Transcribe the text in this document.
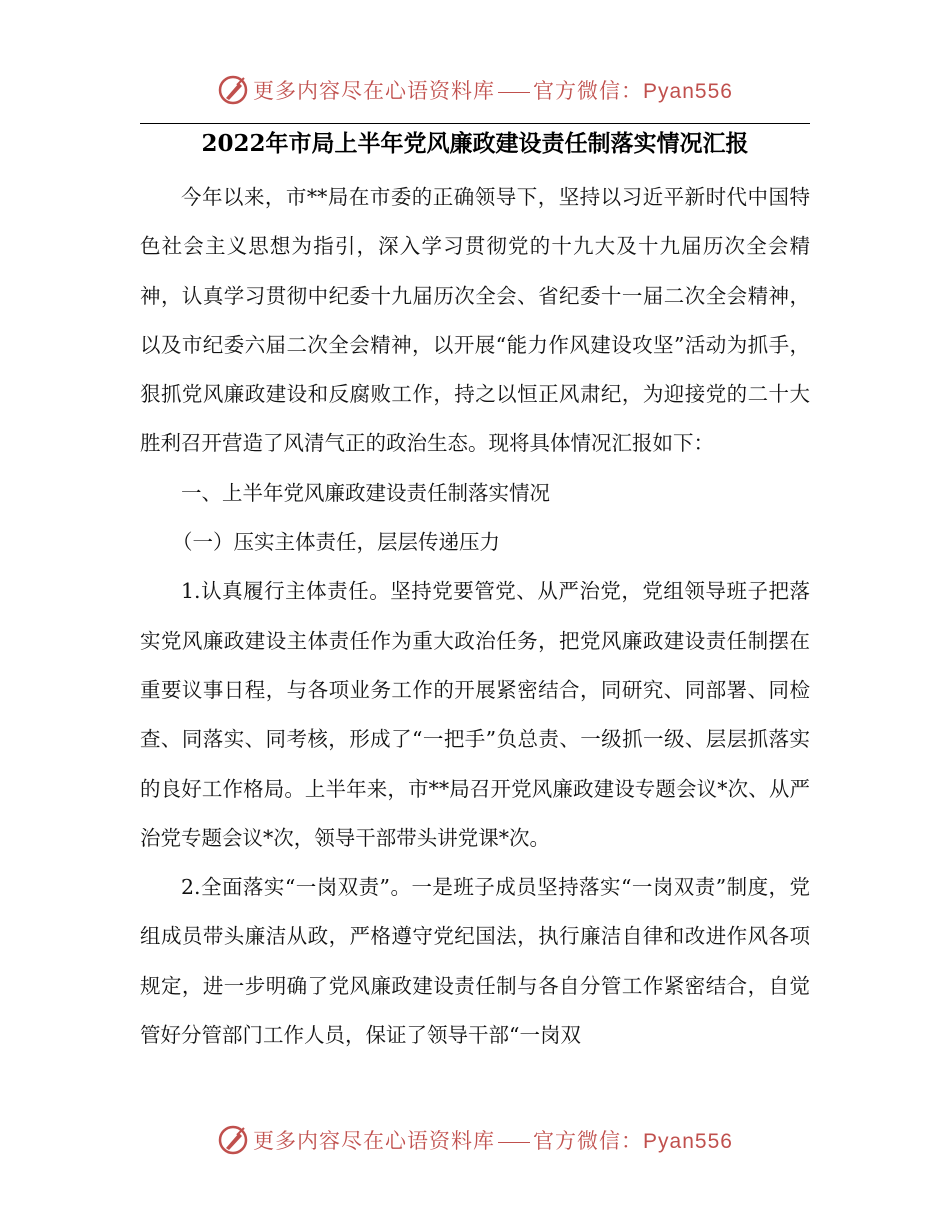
更多内容尽在心语资料库 官方微信：Pyan556
2022年市局上半年党风廉政建设责任制落实情况汇报

今年以来，市**局在市委的正确领导下，坚持以习近平新时代中国特色社会主义思想为指引，深入学习贯彻党的十九大及十九届历次全会精神，认真学习贯彻中纪委十九届历次全会、省纪委十一届二次全会精神，以及市纪委六届二次全会精神，以开展“能力作风建设攻坚”活动为抓手，狠抓党风廉政建设和反腐败工作，持之以恒正风肃纪，为迎接党的二十大胜利召开营造了风清气正的政治生态。现将具体情况汇报如下：

一、上半年党风廉政建设责任制落实情况

（一）压实主体责任，层层传递压力

1.认真履行主体责任。坚持党要管党、从严治党，党组领导班子把落实党风廉政建设主体责任作为重大政治任务，把党风廉政建设责任制摆在重要议事日程，与各项业务工作的开展紧密结合，同研究、同部署、同检查、同落实、同考核，形成了“一把手”负总责、一级抓一级、层层抓落实的良好工作格局。上半年来，市**局召开党风廉政建设专题会议*次、从严治党专题会议*次，领导干部带头讲党课*次。

2.全面落实“一岗双责”。一是班子成员坚持落实“一岗双责”制度，党组成员带头廉洁从政，严格遵守党纪国法，执行廉洁自律和改进作风各项规定，进一步明确了党风廉政建设责任制与各自分管工作紧密结合，自觉管好分管部门工作人员，保证了领导干部“一岗双

更多内容尽在心语资料库 官方微信：Pyan556
